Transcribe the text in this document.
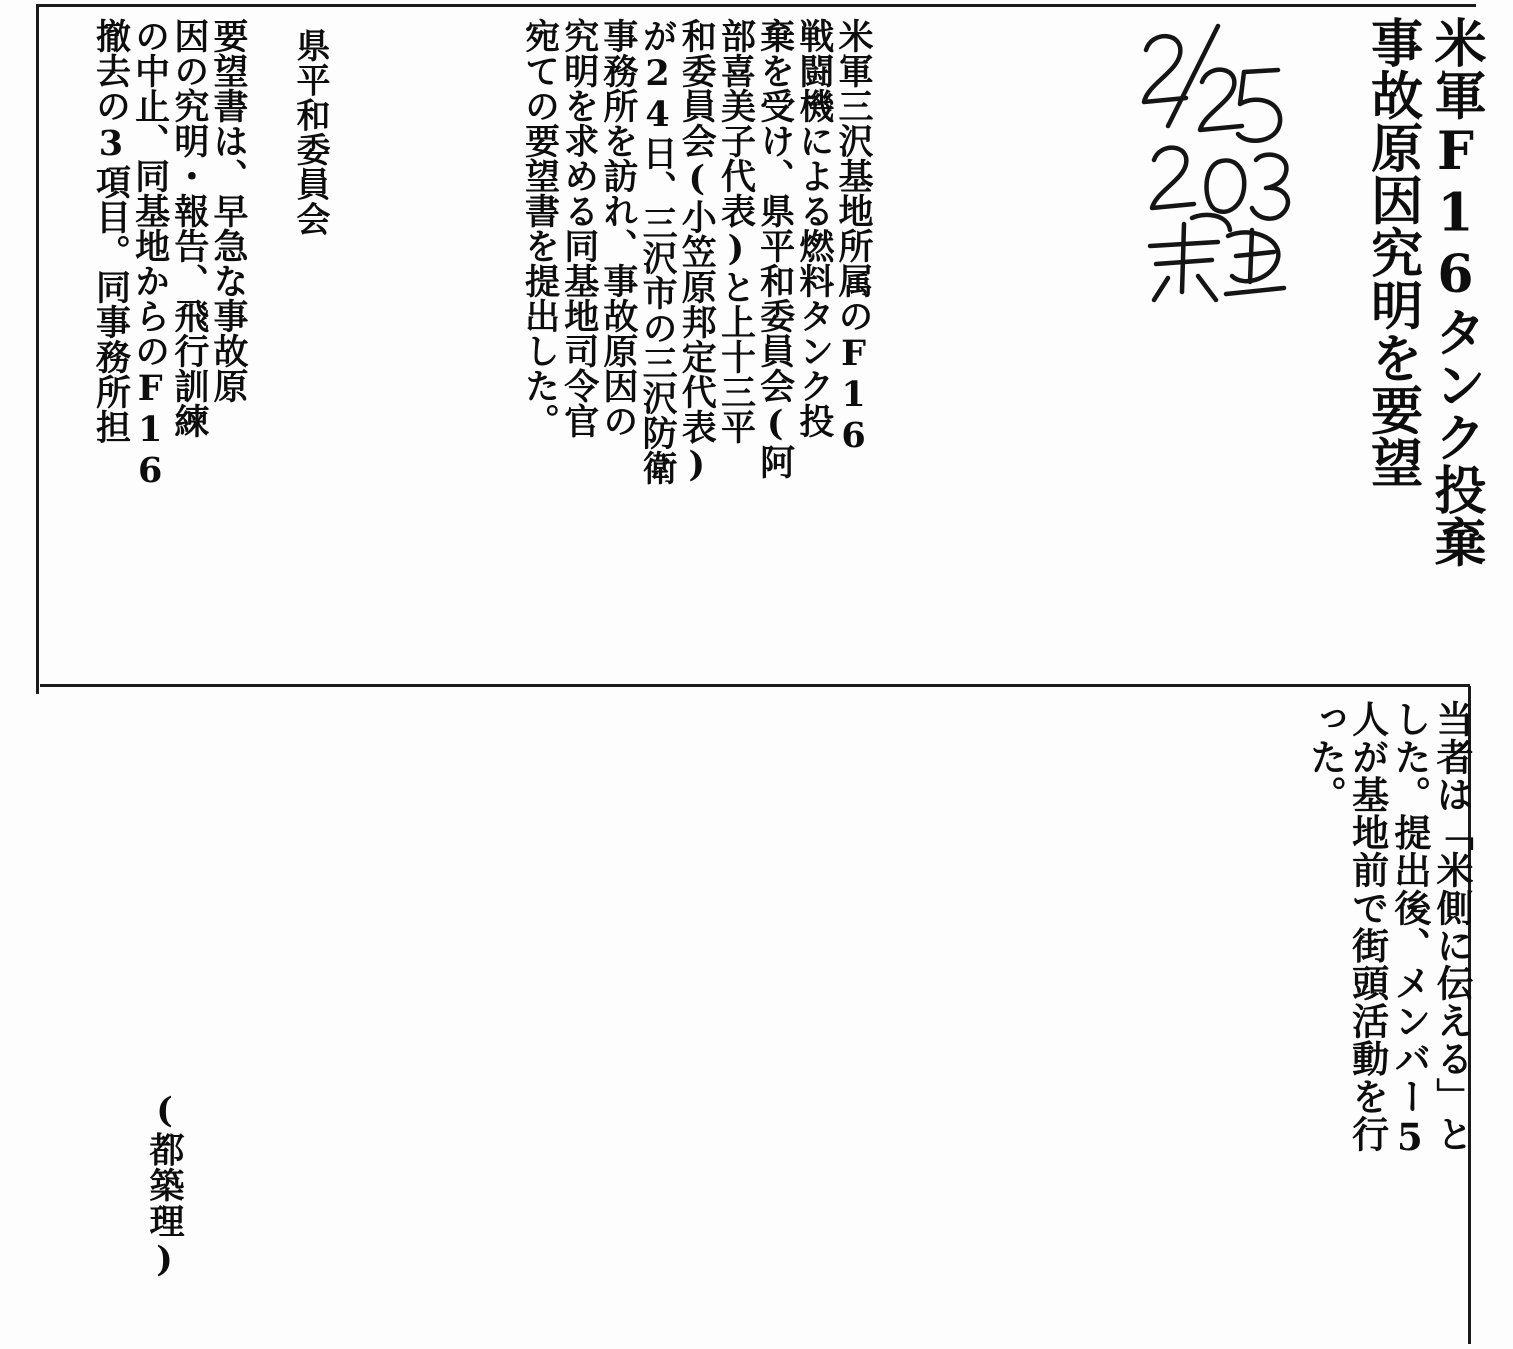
米軍F16タンク投棄
事故原因究明を要望
県平和委員会	米軍三沢基地所属のF16
戦闘機による燃料タンク投
棄を受け、県平和委員会(阿
部喜美子代表)と上十三平
和委員会(小笠原邦定代表)
が24日、三沢市の三沢防衛
事務所を訪れ、事故原因の
究明を求める同基地司令官
宛ての要望書を提出した。
要望書は、早急な事故原
因の究明・報告、飛行訓練
の中止、同基地からのF16
撤去の3項目。同事務所担
当者は「米側に伝える」と
した。提出後、メンバー5
人が基地前で街頭活動を行
った。
(都築理)
